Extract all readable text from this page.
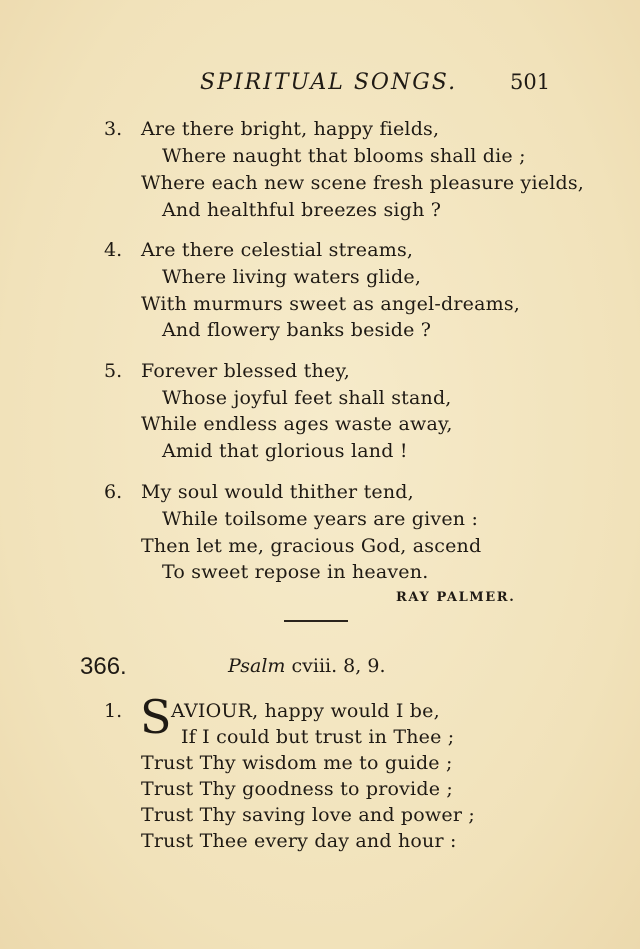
SPIRITUAL SONGS.	501
3. Are there bright, happy fields,
Where naught that blooms shall die ;
Where each new scene fresh pleasure yields,
And healthful breezes sigh ?
4. Are there celestial streams,
Where living waters glide,
With murmurs sweet as angel-dreams,
And flowery banks beside ?
5. Forever blessed they,
Whose joyful feet shall stand,
While endless ages waste away,
Amid that glorious land !
6. My soul would thither tend,
While toilsome years are given :
Then let me, gracious God, ascend
To sweet repose in heaven.
RAY PALMER.
366.	Psalm cviii. 8, 9.
1. S AVIOUR, happy would I be,
If I could but trust in Thee ;
Trust Thy wisdom me to guide ;
Trust Thy goodness to provide ;
Trust Thy saving love and power ;
Trust Thee every day and hour :
